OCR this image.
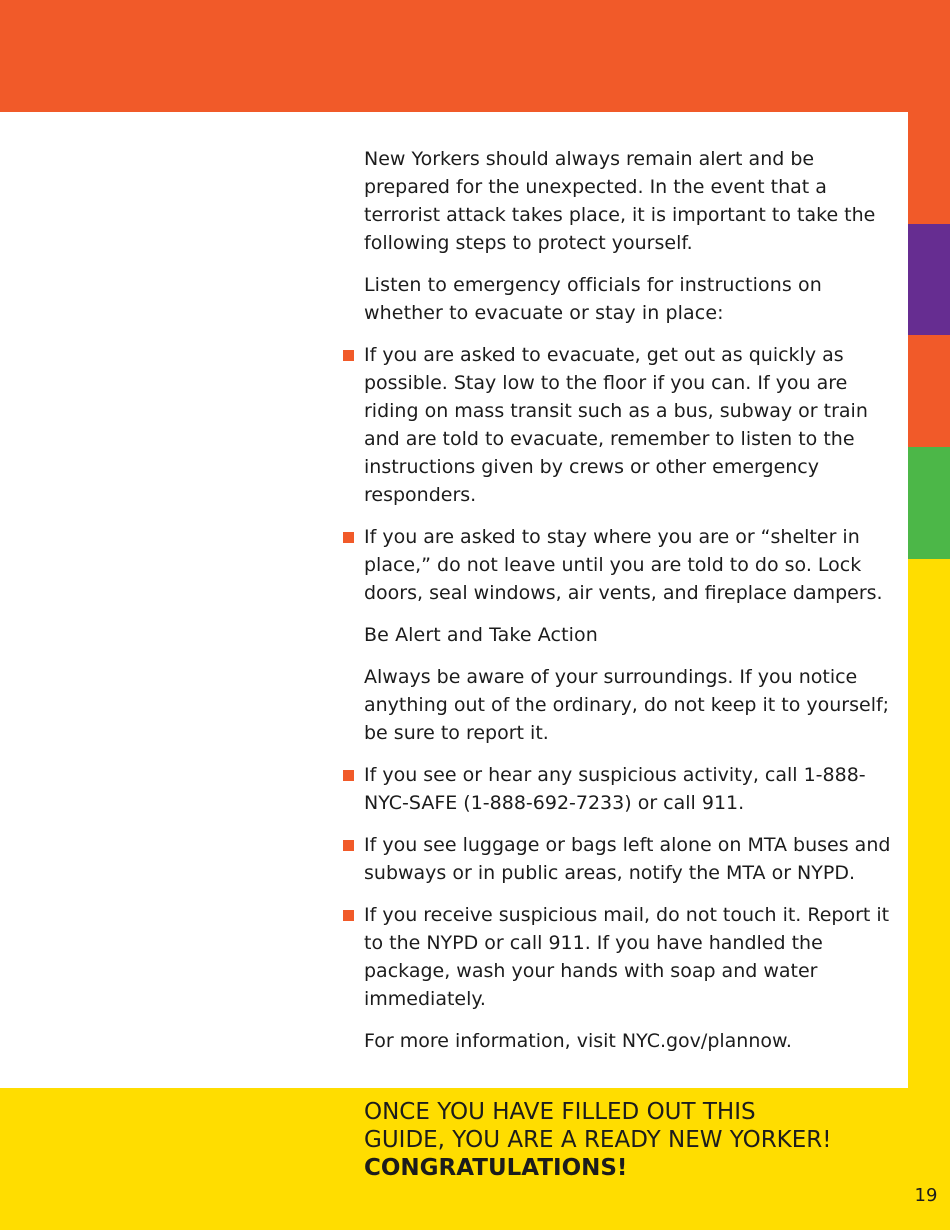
New Yorkers should always remain alert and be prepared for the unexpected. In the event that a terrorist attack takes place, it is important to take the following steps to protect yourself.

Listen to emergency officials for instructions on whether to evacuate or stay in place:

If you are asked to evacuate, get out as quickly as possible. Stay low to the floor if you can. If you are riding on mass transit such as a bus, subway or train and are told to evacuate, remember to listen to the instructions given by crews or other emergency responders.
If you are asked to stay where you are or “shelter in place,” do not leave until you are told to do so. Lock doors, seal windows, air vents, and fireplace dampers.

Be Alert and Take Action

Always be aware of your surroundings. If you notice anything out of the ordinary, do not keep it to yourself; be sure to report it.

If you see or hear any suspicious activity, call 1-888-NYC-SAFE (1-888-692-7233) or call 911.
If you see luggage or bags left alone on MTA buses and subways or in public areas, notify the MTA or NYPD.
If you receive suspicious mail, do not touch it. Report it to the NYPD or call 911. If you have handled the package, wash your hands with soap and water immediately.

For more information, visit NYC.gov/plannow.

ONCE YOU HAVE FILLED OUT THIS
GUIDE, YOU ARE A READY NEW YORKER!
CONGRATULATIONS!
19
